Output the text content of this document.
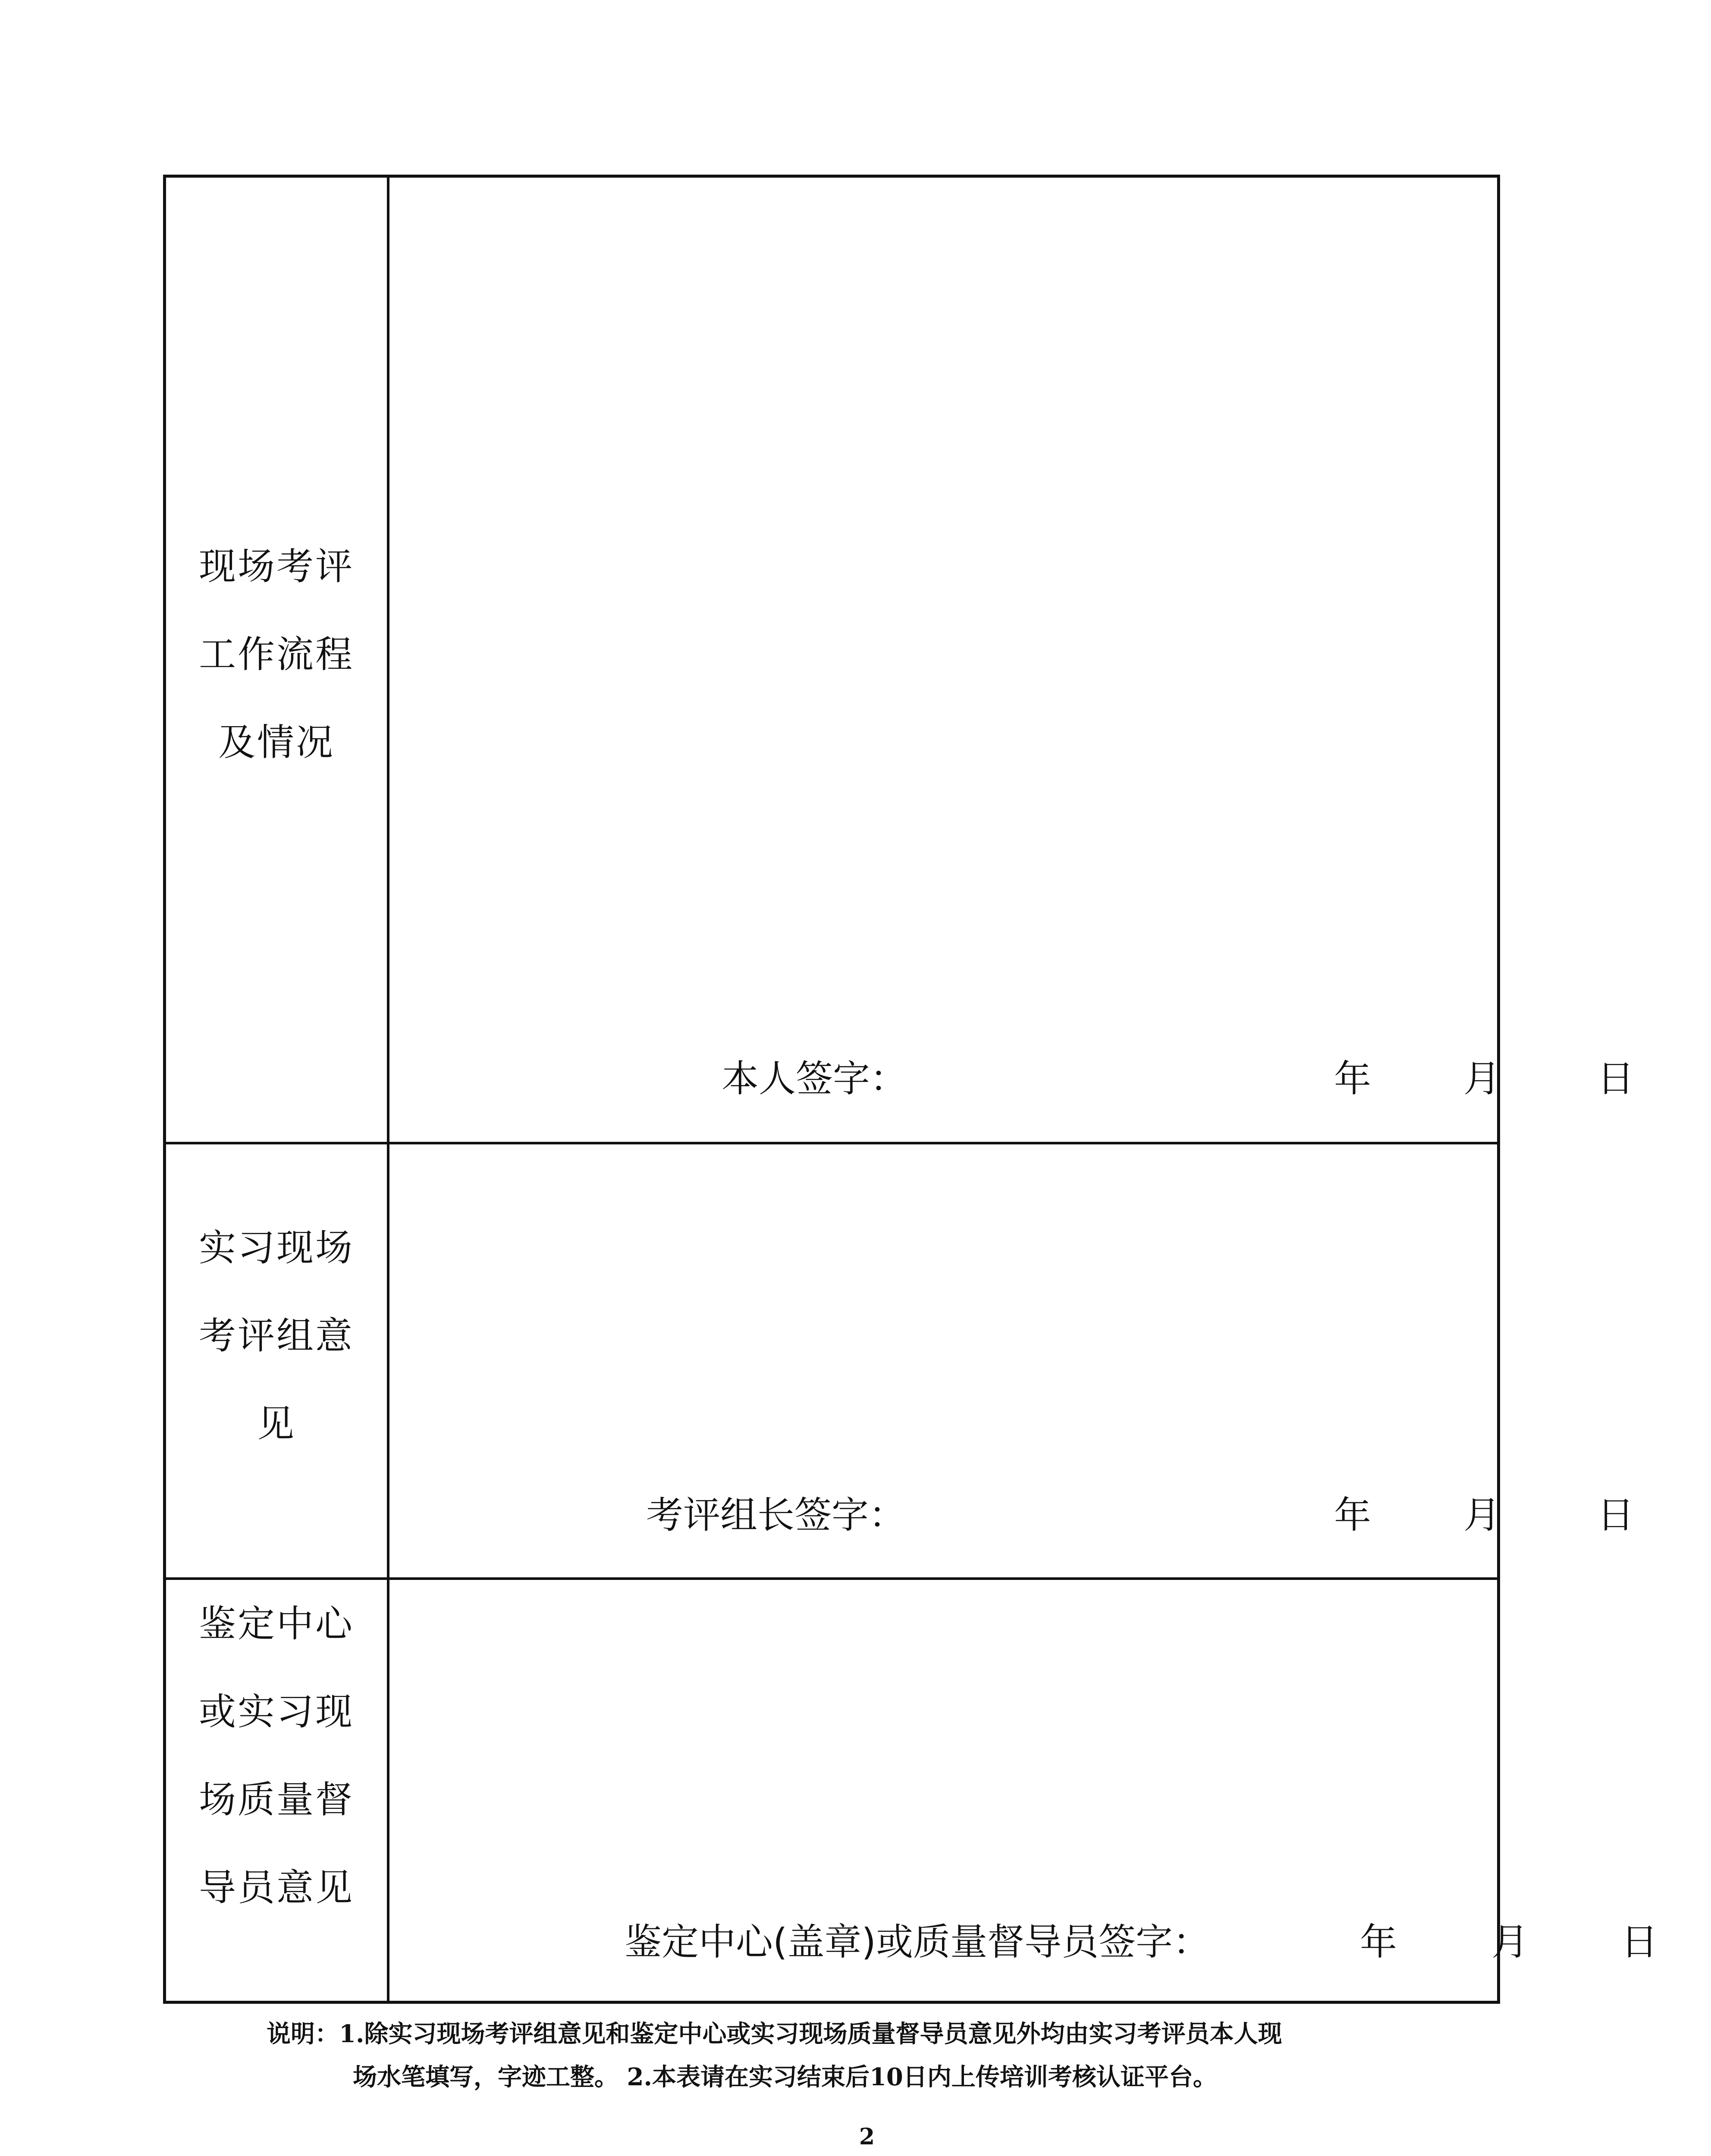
现场考评
工作流程
及情况
本人签字：	年 月	日
实习现场
考评组意
见
考评组长签字：	年 月	日
鉴定中心
或实习现
场质量督
导员意见
鉴定中心(盖章)或质量督导员签字：	年	月 日
说明：1.除实习现场考评组意见和鉴定中心或实习现场质量督导员意见外均由实习考评员本人现
场水笔填写，字迹工整。 2.本表请在实习结束后10日内上传培训考核认证平台。
2
